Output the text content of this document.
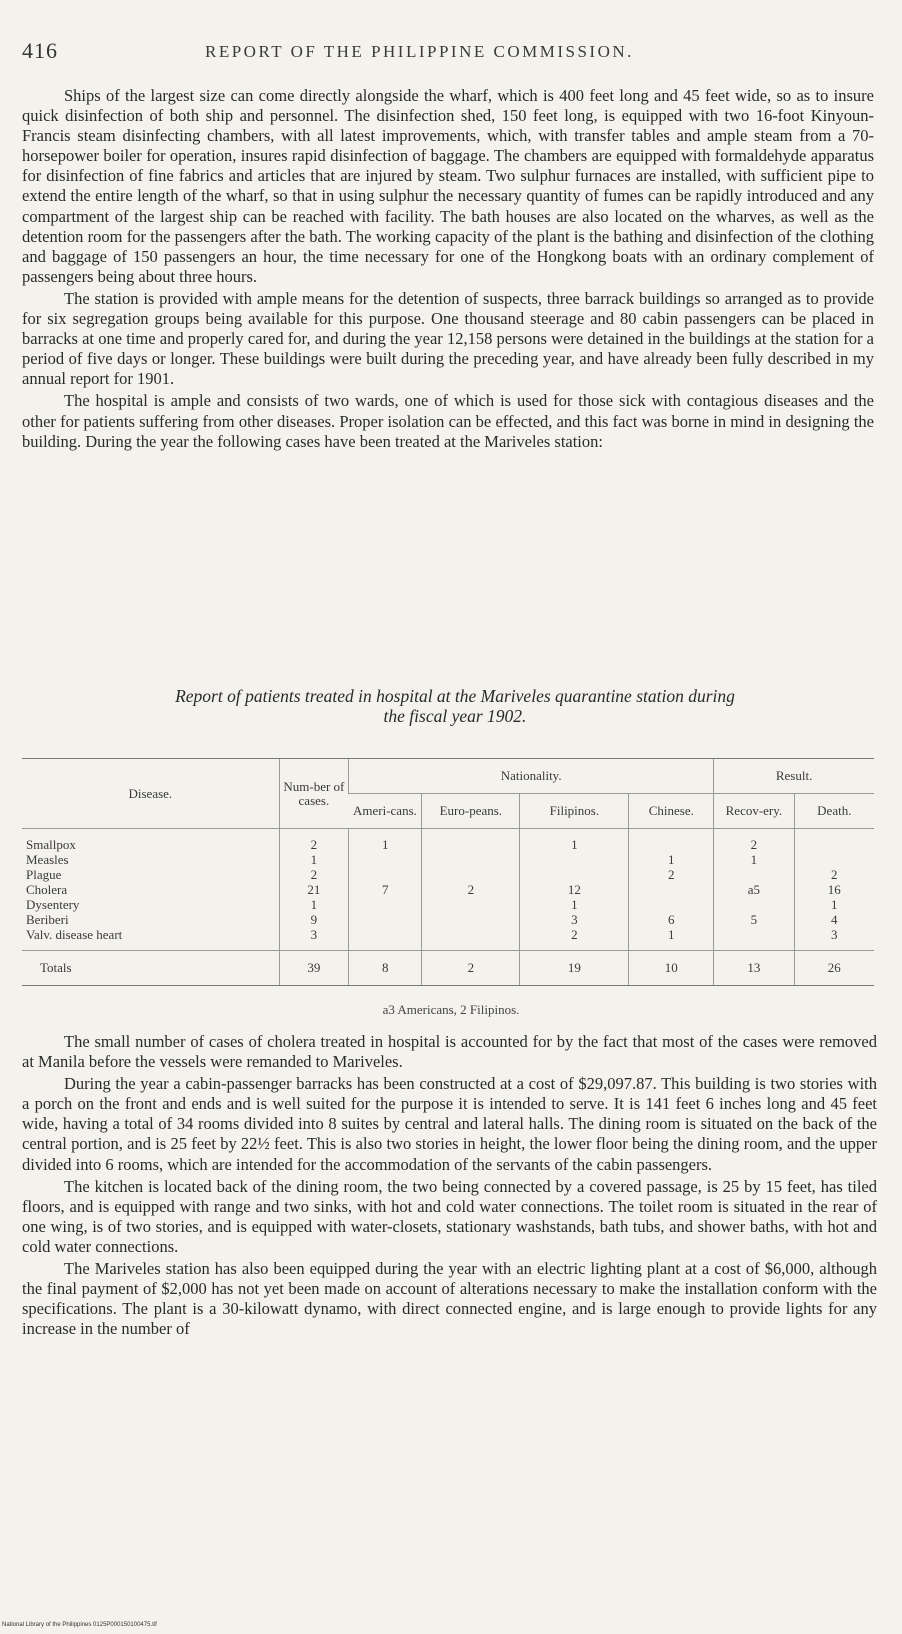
416	REPORT OF THE PHILIPPINE COMMISSION.

Ships of the largest size can come directly alongside the wharf, which is 400 feet long and 45 feet wide, so as to insure quick disinfection of both ship and personnel. The disinfection shed, 150 feet long, is equipped with two 16-foot Kinyoun-Francis steam disinfecting chambers, with all latest improvements, which, with transfer tables and ample steam from a 70-horsepower boiler for operation, insures rapid disinfection of baggage. The chambers are equipped with formaldehyde apparatus for disinfection of fine fabrics and articles that are injured by steam. Two sulphur furnaces are installed, with sufficient pipe to extend the entire length of the wharf, so that in using sulphur the necessary quantity of fumes can be rapidly introduced and any compartment of the largest ship can be reached with facility. The bath houses are also located on the wharves, as well as the detention room for the passengers after the bath. The working capacity of the plant is the bathing and disinfection of the clothing and baggage of 150 passengers an hour, the time necessary for one of the Hongkong boats with an ordinary complement of passengers being about three hours.

The station is provided with ample means for the detention of suspects, three barrack buildings so arranged as to provide for six segregation groups being available for this purpose. One thousand steerage and 80 cabin passengers can be placed in barracks at one time and properly cared for, and during the year 12,158 persons were detained in the buildings at the station for a period of five days or longer. These buildings were built during the preceding year, and have already been fully described in my annual report for 1901.

The hospital is ample and consists of two wards, one of which is used for those sick with contagious diseases and the other for patients suffering from other diseases. Proper isolation can be effected, and this fact was borne in mind in designing the building. During the year the following cases have been treated at the Mariveles station:

Report of patients treated in hospital at the Mariveles quarantine station during
the fiscal year 1902.
Disease.	Num-ber of cases.	Nationality.				Result.	
		Ameri-cans.	Euro-peans.	Filipinos.	Chinese.	Recov-ery.	Death.
Smallpox	2	1		1		2	
Measles	1				1	1	
Plague	2				2		2
Cholera	21	7	2	12		a5	16
Dysentery	1			1			1
Beriberi	9			3	6	5	4
Valv. disease heart	3			2	1		3
Totals	39	8	2	19	10	13	26
a3 Americans, 2 Filipinos.

The small number of cases of cholera treated in hospital is accounted for by the fact that most of the cases were removed at Manila before the vessels were remanded to Mariveles.

During the year a cabin-passenger barracks has been constructed at a cost of $29,097.87. This building is two stories with a porch on the front and ends and is well suited for the purpose it is intended to serve. It is 141 feet 6 inches long and 45 feet wide, having a total of 34 rooms divided into 8 suites by central and lateral halls. The dining room is situated on the back of the central portion, and is 25 feet by 22½ feet. This is also two stories in height, the lower floor being the dining room, and the upper divided into 6 rooms, which are intended for the accommodation of the servants of the cabin passengers.

The kitchen is located back of the dining room, the two being connected by a covered passage, is 25 by 15 feet, has tiled floors, and is equipped with range and two sinks, with hot and cold water connections. The toilet room is situated in the rear of one wing, is of two stories, and is equipped with water-closets, stationary washstands, bath tubs, and shower baths, with hot and cold water connections.

The Mariveles station has also been equipped during the year with an electric lighting plant at a cost of $6,000, although the final payment of $2,000 has not yet been made on account of alterations necessary to make the installation conform with the specifications. The plant is a 30-kilowatt dynamo, with direct connected engine, and is large enough to provide lights for any increase in the number of

National Library of the Philippines 0125P000150100475.tif
